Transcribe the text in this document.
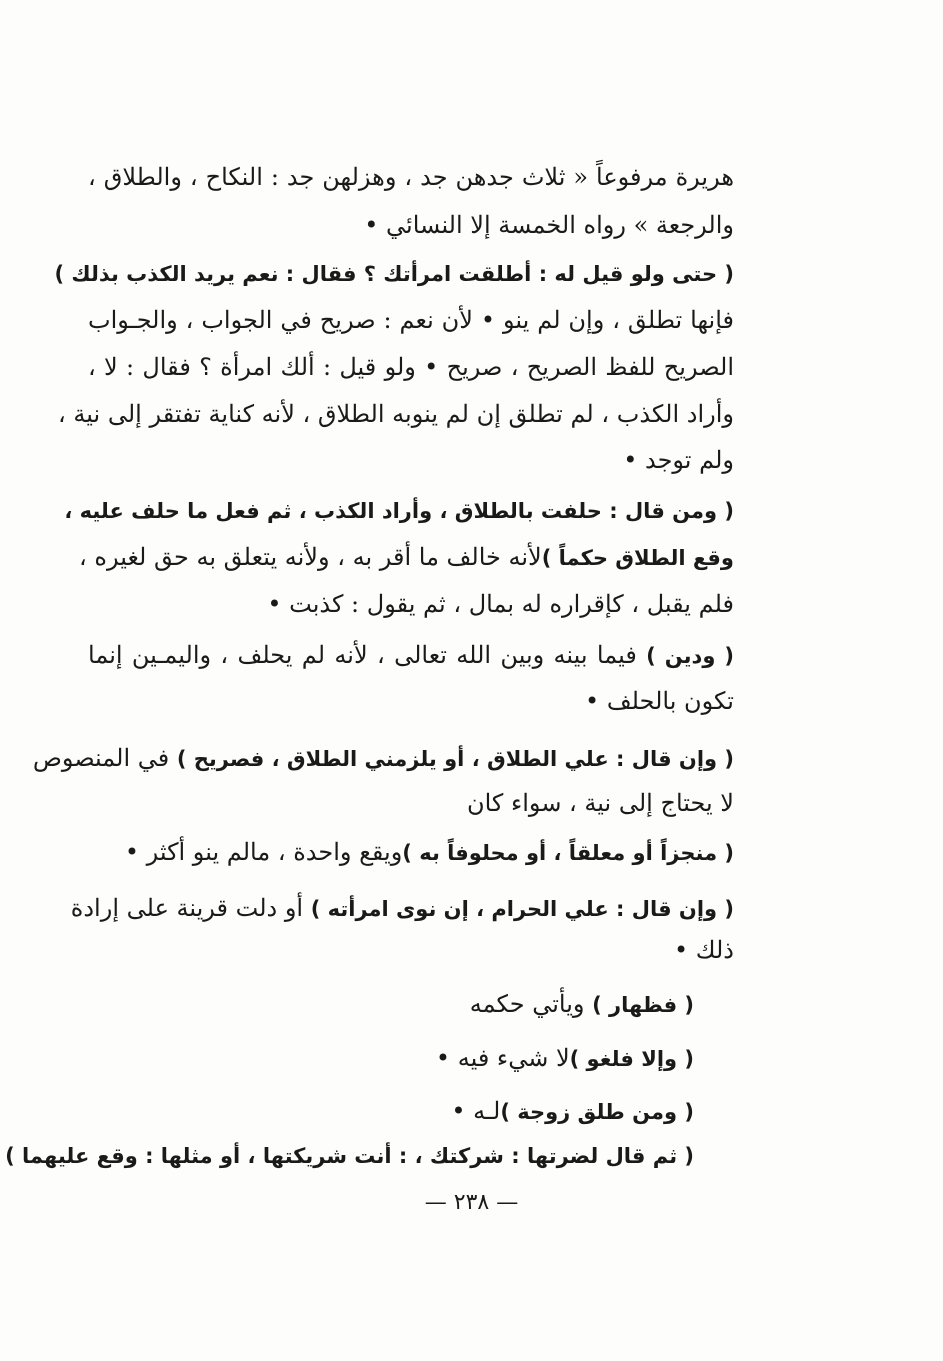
هريرة مرفوعاً « ثلاث جدهن جد ، وهزلهن جد : النكاح ، والطلاق ،
والرجعة » رواه الخمسة إلا النسائي •
( حتى ولو قيل له : أطلقت امرأتك ؟ فقال : نعم يريد الكذب بذلك )
فإنها تطلق ، وإن لم ينو • لأن نعم : صريح في الجواب ، والجـواب
الصريح للفظ الصريح ، صريح • ولو قيل : ألك امرأة ؟ فقال : لا ،
وأراد الكذب ، لم تطلق إن لم ينوبه الطلاق ، لأنه كناية تفتقر إلى نية ،
ولم توجد •
( ومن قال : حلفت بالطلاق ، وأراد الكذب ، ثم فعل ما حلف عليه ،
وقع الطلاق حكماً )لأنه خالف ما أقر به ، ولأنه يتعلق به حق لغيره ،
فلم يقبل ، كإقراره له بمال ، ثم يقول : كذبت •
( ودين ) فيما بينه وبين الله تعالى ، لأنه لم يحلف ، واليمـين إنما
تكون بالحلف •
( وإن قال : علي الطلاق ، أو يلزمني الطلاق ، فصريح ) في المنصوص
لا يحتاج إلى نية ، سواء كان
( منجزاً أو معلقاً ، أو محلوفاً به )ويقع واحدة ، مالم ينو أكثر •
( وإن قال : علي الحرام ، إن نوى امرأته ) أو دلت قرينة على إرادة
ذلك •
( فظهار ) ويأتي حكمه
( وإلا فلغو )لا شيء فيه •
( ومن طلق زوجة )لـه •
( ثم قال لضرتها : شركتك ، : أنت شريكتها ، أو مثلها : وقع عليهما )
— ٢٣٨ —
